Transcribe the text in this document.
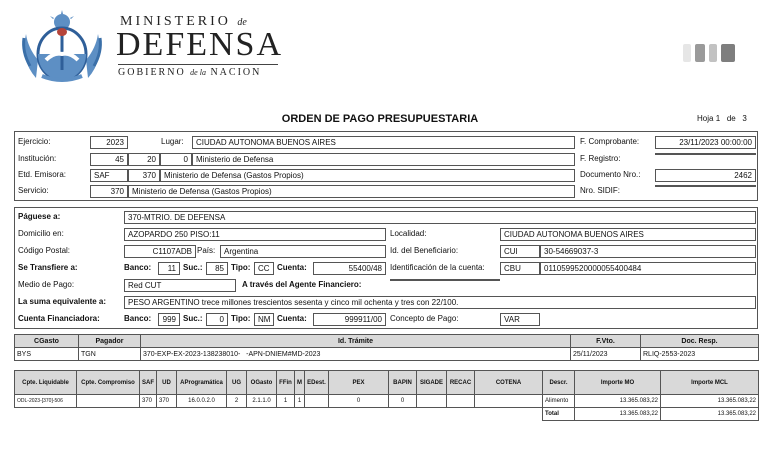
MINISTERIO de
DEFENSA
GOBIERNO de la NACION
ORDEN DE PAGO PRESUPUESTARIA	Hoja 1 de 3
Ejercicio:	2023	Lugar:	CIUDAD AUTONOMA BUENOS AIRES	F. Comprobante:	23/11/2023 00:00:00
Institución:	45	20	0	Ministerio de Defensa	F. Registro:
Etd. Emisora:	SAF	370	Ministerio de Defensa (Gastos Propios)	Documento Nro.:	2462
Servicio:	370	Ministerio de Defensa (Gastos Propios)	Nro. SIDIF:
Páguese a:	370-MTRIO. DE DEFENSA
Domicilio en:	AZOPARDO 250 PISO:11	Localidad:	CIUDAD AUTONOMA BUENOS AIRES
Código Postal:	C1107ADB País:	Argentina	Id. del Beneficiario:	CUI	30-54669037-3
Se Transfiere a:	Banco:	11 Suc.:	85 Tipo: CC Cuenta:	55400/48	Identificación de la cuenta:	CBU	0110599520000055400484
Medio de Pago:	Red CUT	A través del Agente Financiero:
La suma equivalente a:	PESO ARGENTINO trece millones trescientos sesenta y cinco mil ochenta y tres con 22/100.
Cuenta Financiadora:	Banco:	999 Suc.:	0 Tipo: NM Cuenta:	999911/00	Concepto de Pago:	VAR
CGasto	Pagador	Id. Trámite	F.Vto.	Doc. Resp.
BYS	TGN	370-EXP-EX-2023-138238010-   -APN-DNIEM#MD-2023	25/11/2023	RLIQ-2553-2023
Cpte. Liquidable	Cpte. Compromiso	SAF	UD	AProgramática	UG	OGasto	FFin	M	EDest.	PEX	BAPIN	SIGADE	RECAC	COTENA	Descr.	Importe MO	Importe MCL
ODL-2023-[370]-506		370	370	16.0.0.2.0	2	2.1.1.0	1	1		0	0				Alimento	13.365.083,22	13.365.083,22
															Total	13.365.083,22	13.365.083,22
